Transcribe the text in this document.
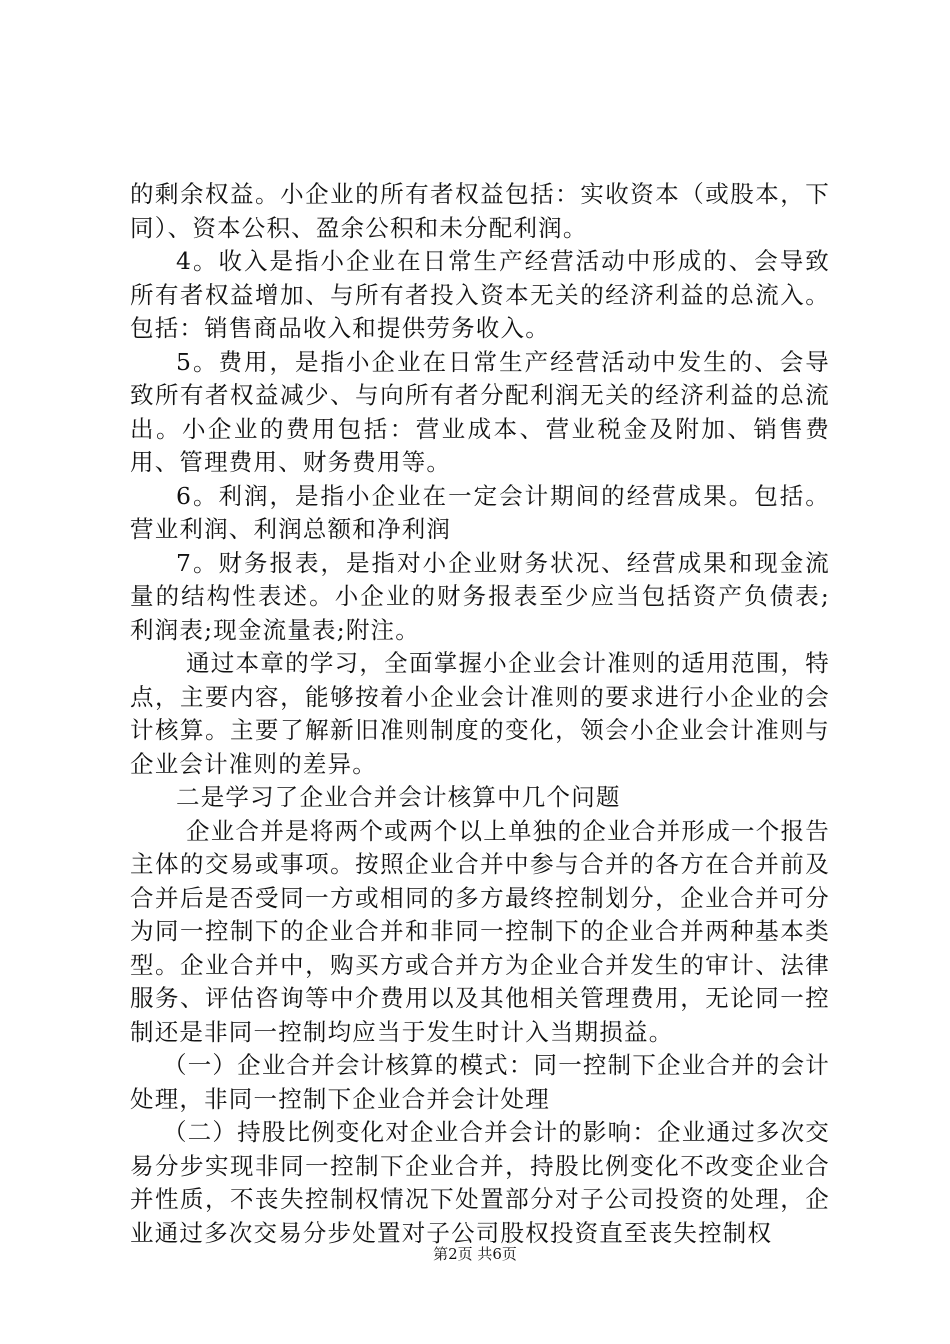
的剩余权益。小企业的所有者权益包括：实收资本（或股本，下同）、资本公积、盈余公积和未分配利润。

4。收入是指小企业在日常生产经营活动中形成的、会导致所有者权益增加、与所有者投入资本无关的经济利益的总流入。包括：销售商品收入和提供劳务收入。

5。费用，是指小企业在日常生产经营活动中发生的、会导致所有者权益减少、与向所有者分配利润无关的经济利益的总流出。小企业的费用包括：营业成本、营业税金及附加、销售费用、管理费用、财务费用等。

6。利润，是指小企业在一定会计期间的经营成果。包括。营业利润、利润总额和净利润

7。财务报表，是指对小企业财务状况、经营成果和现金流量的结构性表述。小企业的财务报表至少应当包括资产负债表;利润表;现金流量表;附注。

通过本章的学习，全面掌握小企业会计准则的适用范围，特点，主要内容，能够按着小企业会计准则的要求进行小企业的会计核算。主要了解新旧准则制度的变化，领会小企业会计准则与企业会计准则的差异。

二是学习了企业合并会计核算中几个问题

企业合并是将两个或两个以上单独的企业合并形成一个报告主体的交易或事项。按照企业合并中参与合并的各方在合并前及合并后是否受同一方或相同的多方最终控制划分，企业合并可分为同一控制下的企业合并和非同一控制下的企业合并两种基本类型。企业合并中，购买方或合并方为企业合并发生的审计、法律服务、评估咨询等中介费用以及其他相关管理费用，无论同一控制还是非同一控制均应当于发生时计入当期损益。

（一）企业合并会计核算的模式：同一控制下企业合并的会计处理，非同一控制下企业合并会计处理

（二）持股比例变化对企业合并会计的影响：企业通过多次交易分步实现非同一控制下企业合并，持股比例变化不改变企业合并性质，不丧失控制权情况下处置部分对子公司投资的处理，企业通过多次交易分步处置对子公司股权投资直至丧失控制权

第2页 共6页
